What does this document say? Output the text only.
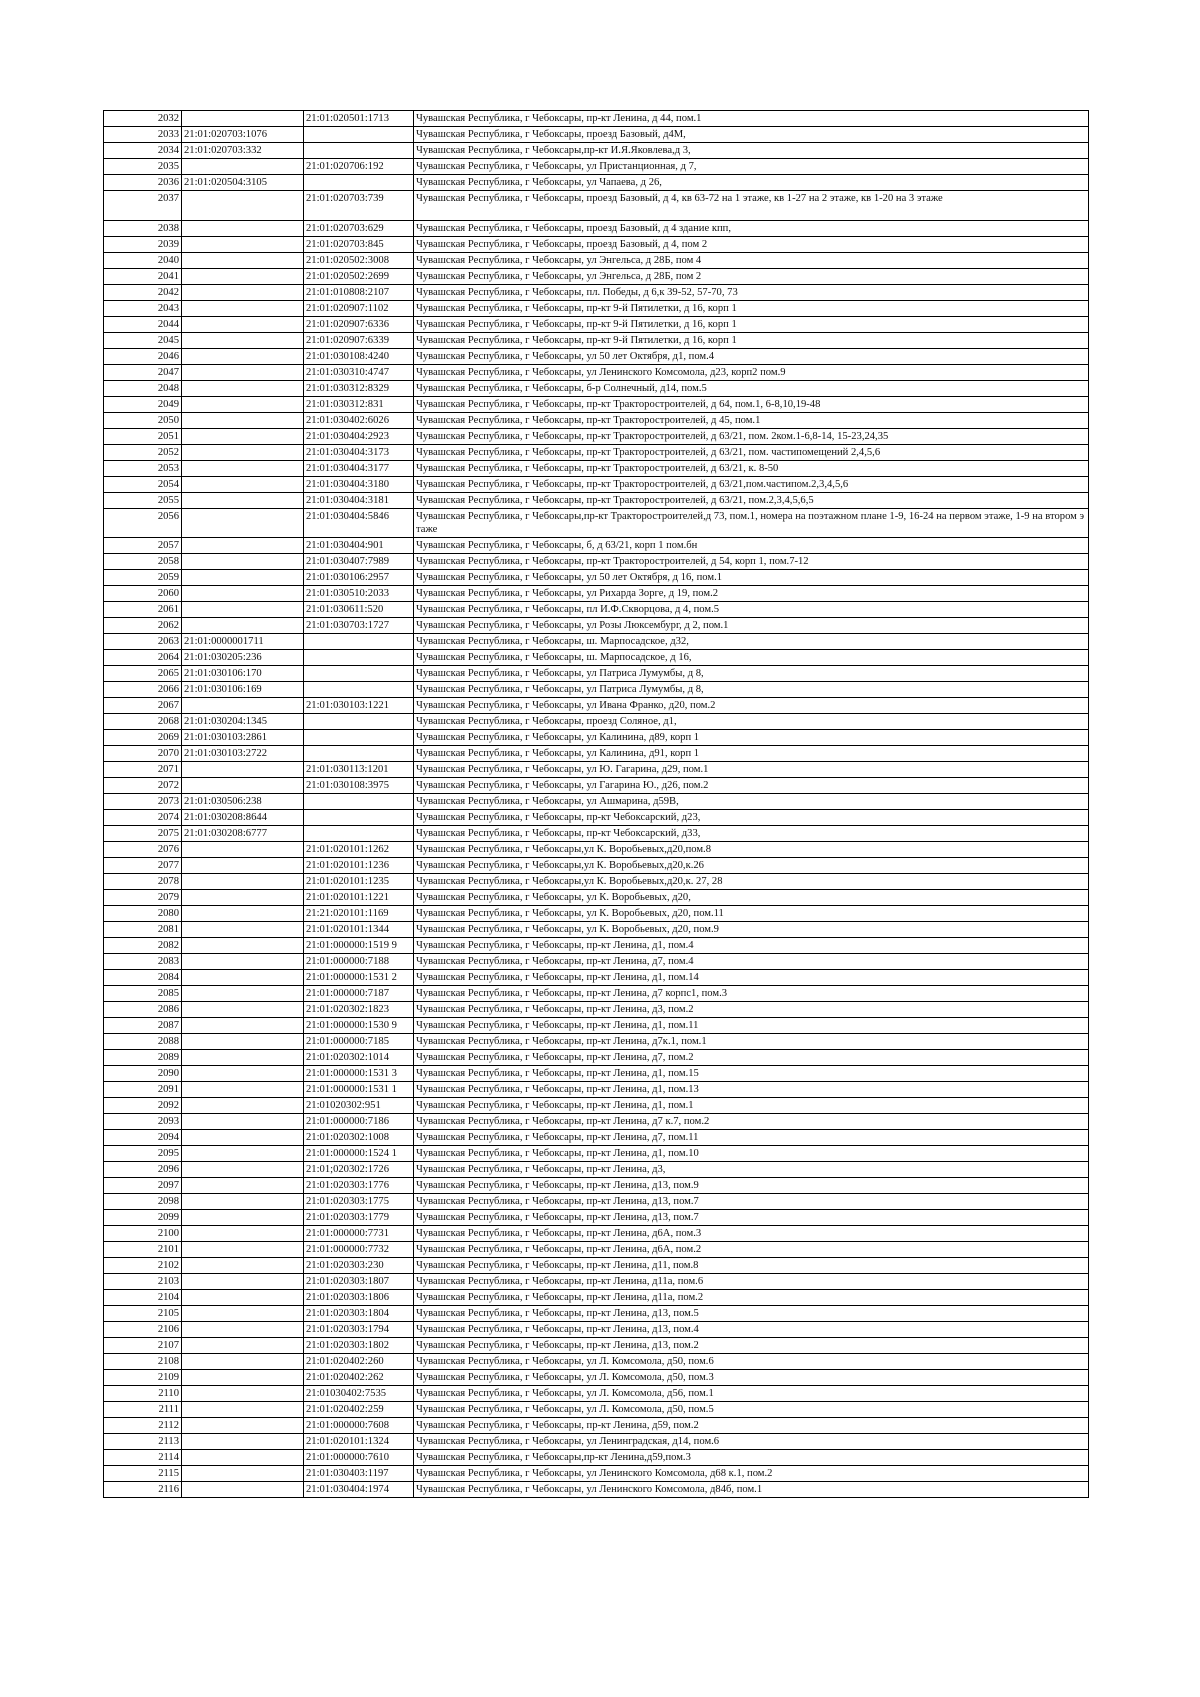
2032		21:01:020501:1713	Чувашская Республика, г Чебоксары, пр-кт Ленина, д 44, пом.1
2033	21:01:020703:1076		Чувашская Республика, г Чебоксары, проезд Базовый, д4М,
2034	21:01:020703:332		Чувашская Республика, г Чебоксары,пр-кт И.Я.Яковлева,д 3,
2035		21:01:020706:192	Чувашская Республика, г Чебоксары, ул Пристанционная, д 7,
2036	21:01:020504:3105		Чувашская Республика, г Чебоксары, ул Чапаева, д 26,
2037		21:01:020703:739	Чувашская Республика, г Чебоксары, проезд Базовый, д 4, кв 63-72 на 1 этаже, кв 1-27 на 2 этаже, кв 1-20 на 3 этаже
2038		21:01:020703:629	Чувашская Республика, г Чебоксары, проезд Базовый, д 4 здание кпп,
2039		21:01:020703:845	Чувашская Республика, г Чебоксары, проезд Базовый, д 4, пом 2
2040		21:01:020502:3008	Чувашская Республика, г Чебоксары, ул Энгельса, д 28Б, пом 4
2041		21:01:020502:2699	Чувашская Республика, г Чебоксары, ул Энгельса, д 28Б, пом 2
2042		21:01:010808:2107	Чувашская Республика, г Чебоксары, пл. Победы, д 6,к 39-52, 57-70, 73
2043		21:01:020907:1102	Чувашская Республика, г Чебоксары, пр-кт 9-й Пятилетки, д 16, корп 1
2044		21:01:020907:6336	Чувашская Республика, г Чебоксары, пр-кт 9-й Пятилетки, д 16, корп 1
2045		21:01:020907:6339	Чувашская Республика, г Чебоксары, пр-кт 9-й Пятилетки, д 16, корп 1
2046		21:01:030108:4240	Чувашская Республика, г Чебоксары, ул 50 лет Октября, д1, пом.4
2047		21:01:030310:4747	Чувашская Республика, г Чебоксары, ул Ленинского Комсомола, д23, корп2 пом.9
2048		21:01:030312:8329	Чувашская Республика, г Чебоксары, б-р Солнечный, д14, пом.5
2049		21:01:030312:831	Чувашская Республика, г Чебоксары, пр-кт Тракторостроителей, д 64, пом.1, 6-8,10,19-48
2050		21:01:030402:6026	Чувашская Республика, г Чебоксары, пр-кт Тракторостроителей, д 45, пом.1
2051		21:01:030404:2923	Чувашская Республика, г Чебоксары, пр-кт Тракторостроителей, д 63/21, пом. 2ком.1-6,8-14, 15-23,24,35
2052		21:01:030404:3173	Чувашская Республика, г Чебоксары, пр-кт Тракторостроителей, д 63/21, пом. частипомещений 2,4,5,6
2053		21:01:030404:3177	Чувашская Республика, г Чебоксары, пр-кт Тракторостроителей, д 63/21, к. 8-50
2054		21:01:030404:3180	Чувашская Республика, г Чебоксары, пр-кт Тракторостроителей, д 63/21,пом.частипом.2,3,4,5,6
2055		21:01:030404:3181	Чувашская Республика, г Чебоксары, пр-кт Тракторостроителей, д 63/21, пом.2,3,4,5,6,5
2056		21:01:030404:5846	Чувашская Республика, г Чебоксары,пр-кт Тракторостроителей,д 73, пом.1, номера на поэтажном плане 1-9, 16-24 на первом этаже, 1-9 на втором этаже
2057		21:01:030404:901	Чувашская Республика, г Чебоксары, б, д 63/21, корп 1 пом.бн
2058		21:01:030407:7989	Чувашская Республика, г Чебоксары, пр-кт Тракторостроителей, д 54, корп 1, пом.7-12
2059		21:01:030106:2957	Чувашская Республика, г Чебоксары, ул 50 лет Октября, д 16, пом.1
2060		21:01:030510:2033	Чувашская Республика, г Чебоксары, ул Рихарда Зорге, д 19, пом.2
2061		21:01:030611:520	Чувашская Республика, г Чебоксары, пл И.Ф.Скворцова, д 4, пом.5
2062		21:01:030703:1727	Чувашская Республика, г Чебоксары, ул Розы Люксембург, д 2, пом.1
2063	21:01:0000001711		Чувашская Республика, г Чебоксары, ш. Марпосадское, д32,
2064	21:01:030205:236		Чувашская Республика, г Чебоксары, ш. Марпосадское, д 16,
2065	21:01:030106:170		Чувашская Республика, г Чебоксары, ул Патриса Лумумбы, д 8,
2066	21:01:030106:169		Чувашская Республика, г Чебоксары, ул Патриса Лумумбы, д 8,
2067		21:01:030103:1221	Чувашская Республика, г Чебоксары, ул Ивана Франко, д20, пом.2
2068	21:01:030204:1345		Чувашская Республика, г Чебоксары, проезд Соляное, д1,
2069	21:01:030103:2861		Чувашская Республика, г Чебоксары, ул Калинина, д89, корп 1
2070	21:01:030103:2722		Чувашская Республика, г Чебоксары, ул Калинина, д91, корп 1
2071		21:01:030113:1201	Чувашская Республика, г Чебоксары, ул Ю. Гагарина, д29, пом.1
2072		21:01:030108:3975	Чувашская Республика, г Чебоксары, ул Гагарина Ю., д26, пом.2
2073	21:01:030506:238		Чувашская Республика, г Чебоксары, ул Ашмарина, д59В,
2074	21:01:030208:8644		Чувашская Республика, г Чебоксары, пр-кт Чебоксарский, д23,
2075	21:01:030208:6777		Чувашская Республика, г Чебоксары, пр-кт Чебоксарский, д33,
2076		21:01:020101:1262	Чувашская Республика, г Чебоксары,ул К. Воробьевых,д20,пом.8
2077		21:01:020101:1236	Чувашская Республика, г Чебоксары,ул К. Воробьевых,д20,к.26
2078		21:01:020101:1235	Чувашская Республика, г Чебоксары,ул К. Воробьевых,д20,к. 27, 28
2079		21:01:020101:1221	Чувашская Республика, г Чебоксары, ул К. Воробьевых, д20,
2080		21:21:020101:1169	Чувашская Республика, г Чебоксары, ул К. Воробьевых, д20, пом.11
2081		21:01:020101:1344	Чувашская Республика, г Чебоксары, ул К. Воробьевых, д20, пом.9
2082		21:01:000000:1519 9	Чувашская Республика, г Чебоксары, пр-кт Ленина, д1, пом.4
2083		21:01:000000:7188	Чувашская Республика, г Чебоксары, пр-кт Ленина, д7, пом.4
2084		21:01:000000:1531 2	Чувашская Республика, г Чебоксары, пр-кт Ленина, д1, пом.14
2085		21:01:000000:7187	Чувашская Республика, г Чебоксары, пр-кт Ленина, д7 корпс1, пом.3
2086		21:01:020302:1823	Чувашская Республика, г Чебоксары, пр-кт Ленина, д3, пом.2
2087		21:01:000000:1530 9	Чувашская Республика, г Чебоксары, пр-кт Ленина, д1, пом.11
2088		21:01:000000:7185	Чувашская Республика, г Чебоксары, пр-кт Ленина, д7к.1, пом.1
2089		21:01:020302:1014	Чувашская Республика, г Чебоксары, пр-кт Ленина, д7, пом.2
2090		21:01:000000:1531 3	Чувашская Республика, г Чебоксары, пр-кт Ленина, д1, пом.15
2091		21:01:000000:1531 1	Чувашская Республика, г Чебоксары, пр-кт Ленина, д1, пом.13
2092		21:01020302:951	Чувашская Республика, г Чебоксары, пр-кт Ленина, д1, пом.1
2093		21:01:000000:7186	Чувашская Республика, г Чебоксары, пр-кт Ленина, д7 к.7, пом.2
2094		21:01:020302:1008	Чувашская Республика, г Чебоксары, пр-кт Ленина, д7, пом.11
2095		21:01:000000:1524 1	Чувашская Республика, г Чебоксары, пр-кт Ленина, д1, пом.10
2096		21:01;020302:1726	Чувашская Республика, г Чебоксары, пр-кт Ленина, д3,
2097		21:01:020303:1776	Чувашская Республика, г Чебоксары, пр-кт Ленина, д13, пом.9
2098		21:01:020303:1775	Чувашская Республика, г Чебоксары, пр-кт Ленина, д13, пом.7
2099		21:01:020303:1779	Чувашская Республика, г Чебоксары, пр-кт Ленина, д13, пом.7
2100		21:01:000000:7731	Чувашская Республика, г Чебоксары, пр-кт Ленина, д6А, пом.3
2101		21:01:000000:7732	Чувашская Республика, г Чебоксары, пр-кт Ленина, д6А, пом.2
2102		21:01:020303:230	Чувашская Республика, г Чебоксары, пр-кт Ленина, д11, пом.8
2103		21:01:020303:1807	Чувашская Республика, г Чебоксары, пр-кт Ленина, д11а, пом.6
2104		21:01:020303:1806	Чувашская Республика, г Чебоксары, пр-кт Ленина, д11а, пом.2
2105		21:01:020303:1804	Чувашская Республика, г Чебоксары, пр-кт Ленина, д13, пом.5
2106		21:01:020303:1794	Чувашская Республика, г Чебоксары, пр-кт Ленина, д13, пом.4
2107		21:01:020303:1802	Чувашская Республика, г Чебоксары, пр-кт Ленина, д13, пом.2
2108		21:01:020402:260	Чувашская Республика, г Чебоксары, ул Л. Комсомола, д50, пом.6
2109		21:01:020402:262	Чувашская Республика, г Чебоксары, ул Л. Комсомола, д50, пом.3
2110		21:01030402:7535	Чувашская Республика, г Чебоксары, ул Л. Комсомола, д56, пом.1
2111		21:01:020402:259	Чувашская Республика, г Чебоксары, ул Л. Комсомола, д50, пом.5
2112		21:01:000000:7608	Чувашская Республика, г Чебоксары, пр-кт Ленина, д59, пом.2
2113		21:01:020101:1324	Чувашская Республика, г Чебоксары, ул Ленинградская, д14, пом.6
2114		21:01:000000:7610	Чувашская Республика, г Чебоксары,пр-кт Ленина,д59,пом.3
2115		21:01:030403:1197	Чувашская Республика, г Чебоксары, ул Ленинского Комсомола, д68 к.1, пом.2
2116		21:01:030404:1974	Чувашская Республика, г Чебоксары, ул Ленинского Комсомола, д84б, пом.1
